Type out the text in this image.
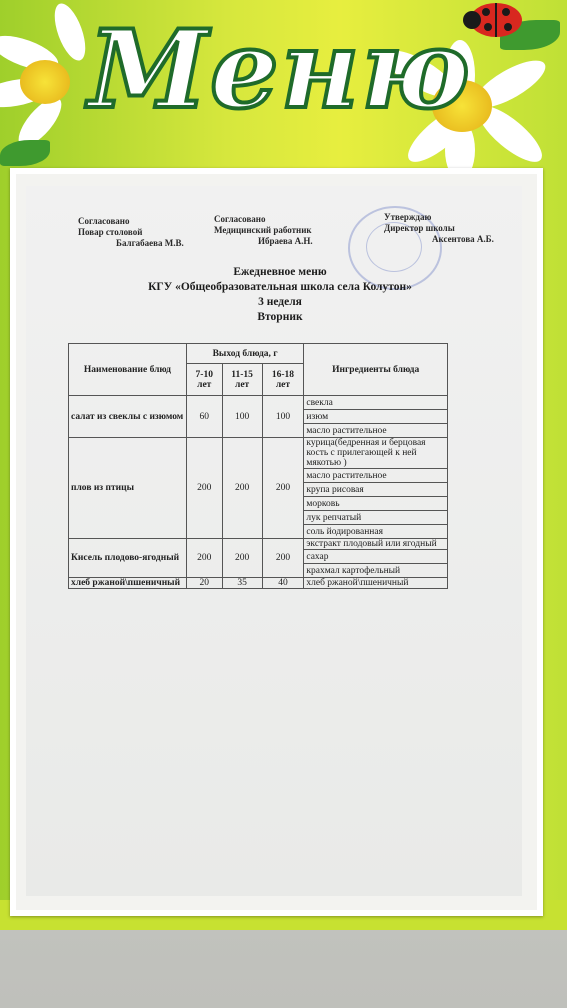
Меню
Согласовано
Повар столовой
Балгабаева М.В.
Согласовано
Медицинский работник
Ибраева А.Н.
Утверждаю
Директор школы
Аксентова А.Б.
Ежедневное меню
КГУ «Общеобразовательная школа села Колутон»
3 неделя
Вторник
Наименование блюд	Выход блюда, г			Ингредиенты блюда
	7-10 лет	11-15 лет	16-18 лет	
салат из свеклы с изюмом	60	100	100	свекла
				изюм
				масло растительное
плов из птицы	200	200	200	курица(бедренная и берцовая кость с прилегающей к ней мякотью )
				масло растительное
				крупа рисовая
				морковь
				лук репчатый
				соль йодированная
Кисель плодово-ягодный	200	200	200	экстракт плодовый или ягодный
				сахар
				крахмал картофельный
хлеб ржаной\пшеничный	20	35	40	хлеб ржаной\пшеничный
